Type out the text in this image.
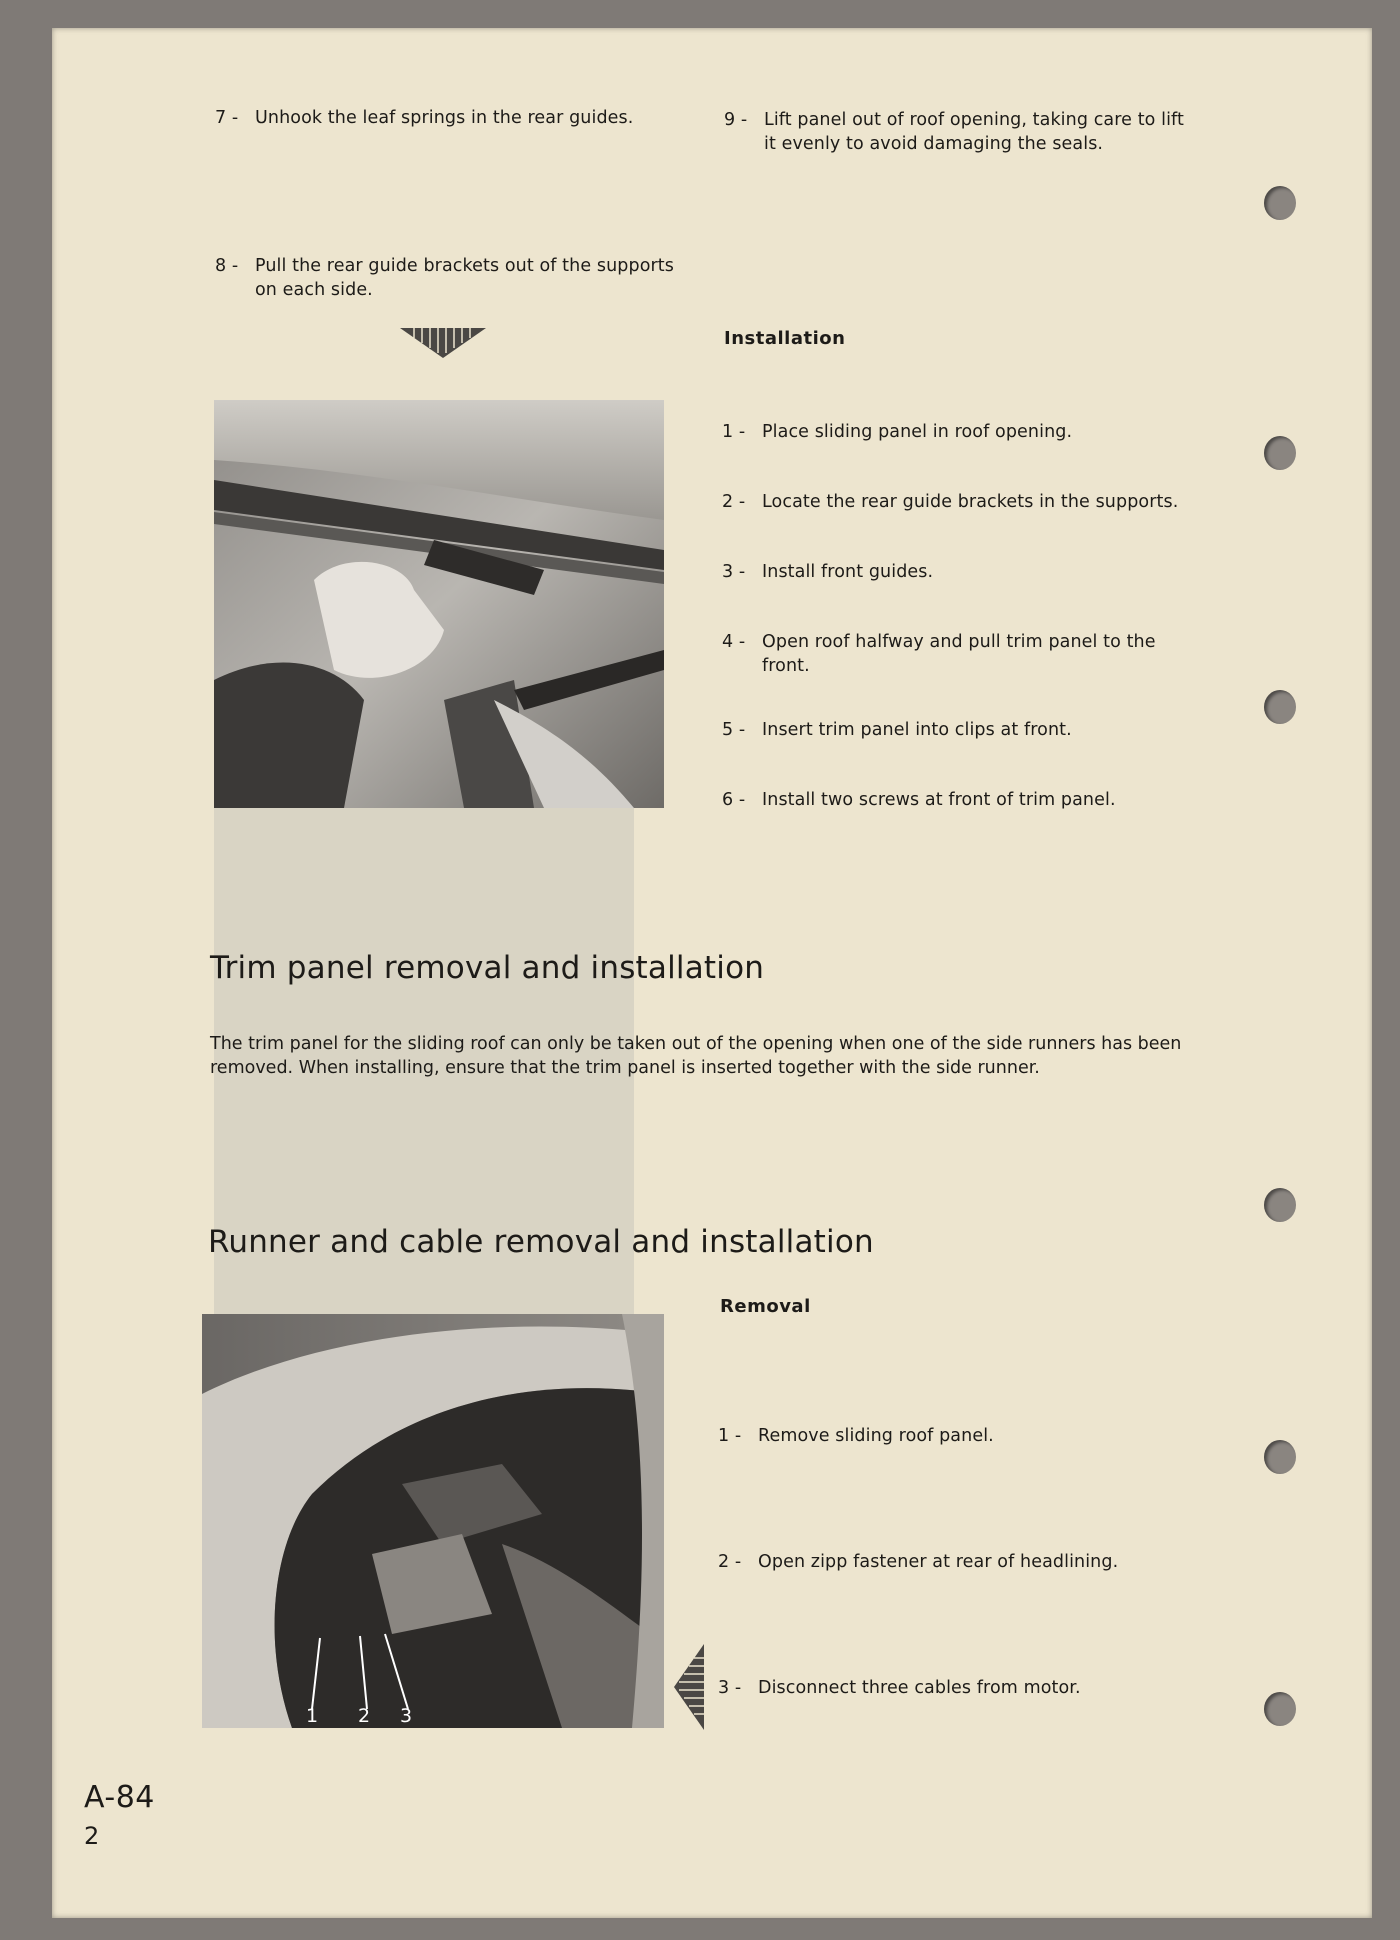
7 - Unhook the leaf springs in the rear guides.
8 - Pull the rear guide brackets out of the supports on each side.
9 - Lift panel out of roof opening, taking care to lift it evenly to avoid damaging the seals.
Installation
1 - Place sliding panel in roof opening.
2 - Locate the rear guide brackets in the supports.
3 - Install front guides.
4 - Open roof halfway and pull trim panel to the front.
5 - Insert trim panel into clips at front.
6 - Install two screws at front of trim panel.
Trim panel removal and installation
The trim panel for the sliding roof can only be taken out of the opening when one of the side runners has been removed. When installing, ensure that the trim panel is inserted together with the side runner.
Runner and cable removal and installation
Removal
1 2 3
1 - Remove sliding roof panel.
2 - Open zipp fastener at rear of headlining.
3 - Disconnect three cables from motor.
A-84
2
